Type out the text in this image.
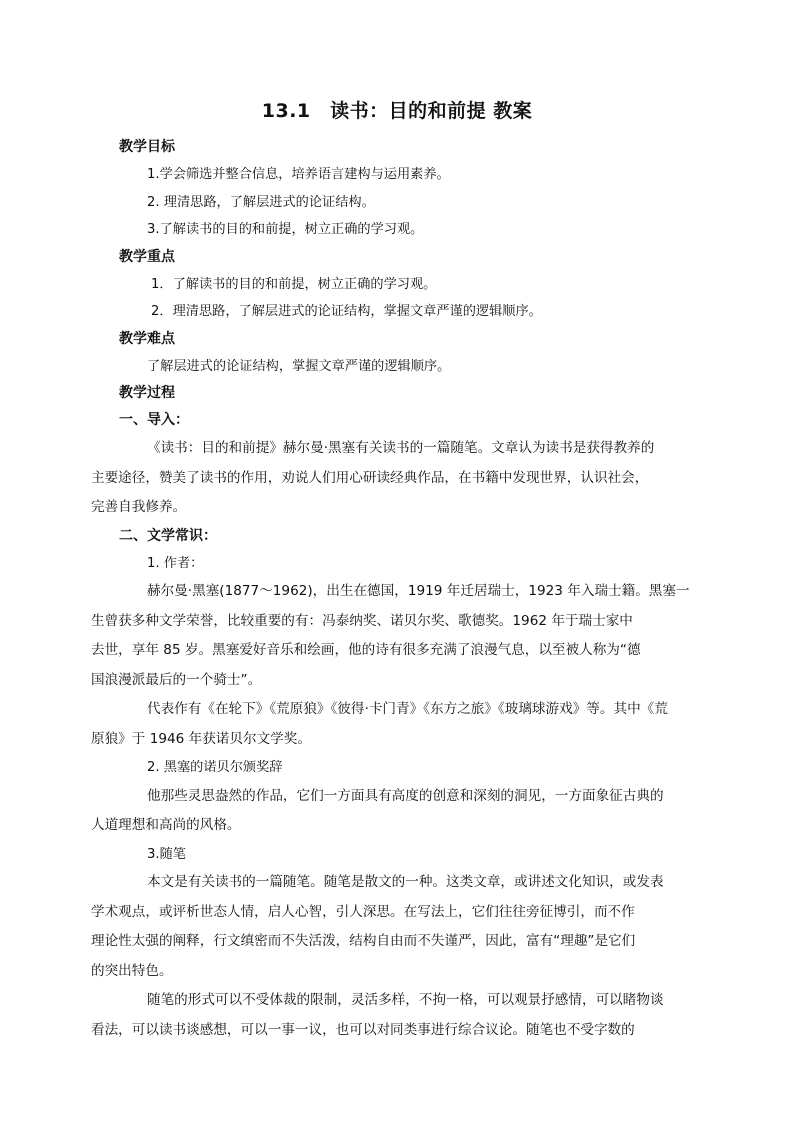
13.1　读书：目的和前提 教案
教学目标
1.学会筛选并整合信息，培养语言建构与运用素养。
2. 理清思路，了解层进式的论证结构。
3.了解读书的目的和前提，树立正确的学习观。
教学重点
1．了解读书的目的和前提，树立正确的学习观。
2．理清思路，了解层进式的论证结构，掌握文章严谨的逻辑顺序。
教学难点
了解层进式的论证结构，掌握文章严谨的逻辑顺序。
教学过程
一、导入：
《读书：目的和前提》赫尔曼·黑塞有关读书的一篇随笔。文章认为读书是获得教养的
主要途径，赞美了读书的作用，劝说人们用心研读经典作品，在书籍中发现世界，认识社会，
完善自我修养。
二、文学常识：
1. 作者：
赫尔曼·黑塞(1877～1962)，出生在德国，1919 年迁居瑞士，1923 年入瑞士籍。黑塞一
生曾获多种文学荣誉，比较重要的有：冯泰纳奖、诺贝尔奖、歌德奖。1962 年于瑞士家中
去世，享年 85 岁。黑塞爱好音乐和绘画，他的诗有很多充满了浪漫气息，以至被人称为“德
国浪漫派最后的一个骑士”。
代表作有《在轮下》《荒原狼》《彼得·卡门青》《东方之旅》《玻璃球游戏》等。其中《荒
原狼》于 1946 年获诺贝尔文学奖。
2. 黑塞的诺贝尔颁奖辞
他那些灵思盎然的作品，它们一方面具有高度的创意和深刻的洞见，一方面象征古典的
人道理想和高尚的风格。
3.随笔
本文是有关读书的一篇随笔。随笔是散文的一种。这类文章，或讲述文化知识，或发表
学术观点，或评析世态人情，启人心智，引人深思。在写法上，它们往往旁征博引，而不作
理论性太强的阐释，行文缜密而不失活泼，结构自由而不失谨严，因此，富有“理趣”是它们
的突出特色。
随笔的形式可以不受体裁的限制，灵活多样，不拘一格，可以观景抒感情，可以睹物谈
看法，可以读书谈感想，可以一事一议，也可以对同类事进行综合议论。随笔也不受字数的
